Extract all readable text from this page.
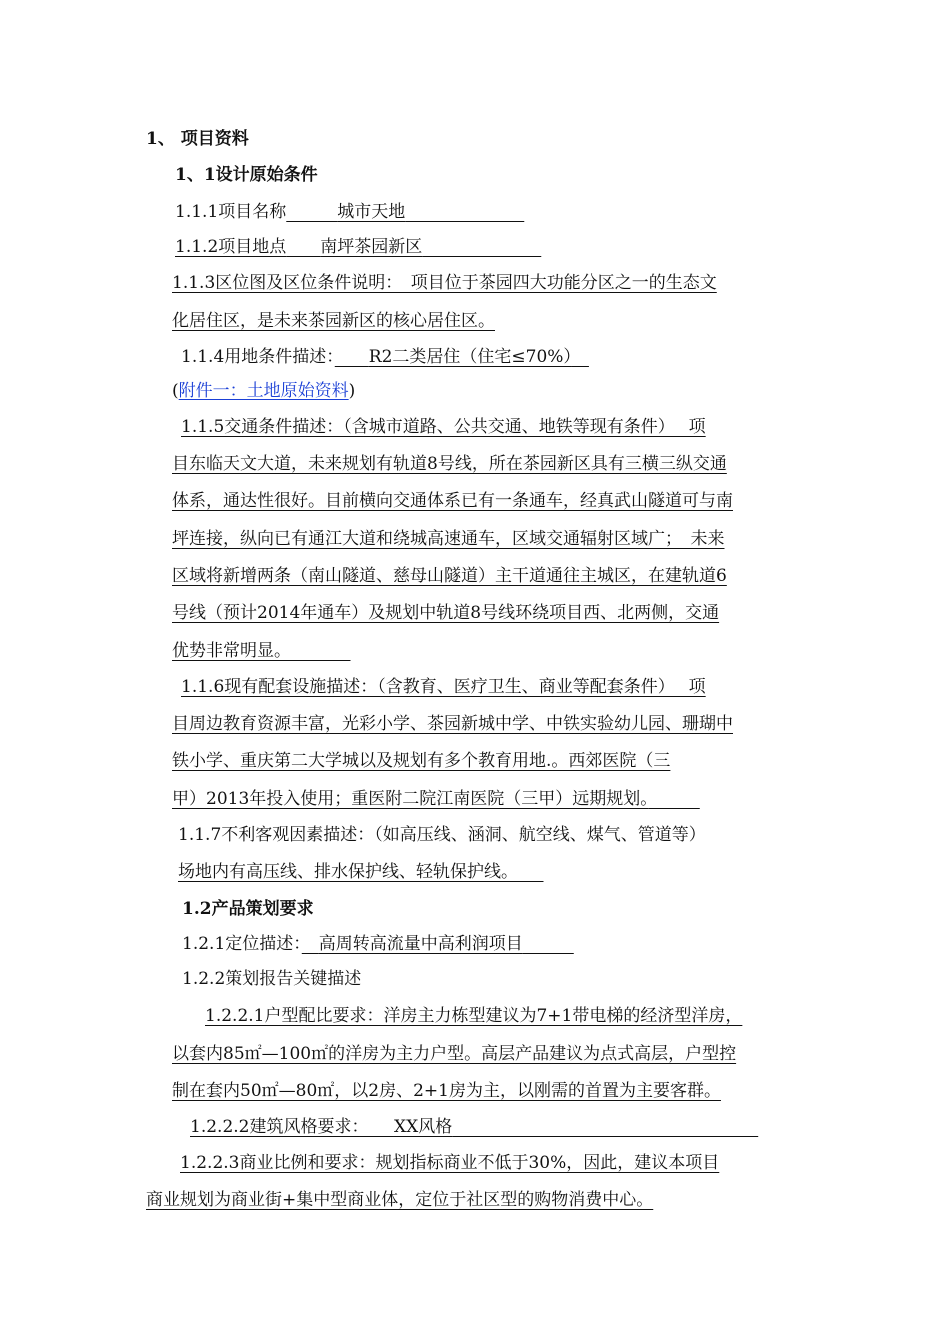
1、 项目资料
1、1设计原始条件
1.1.1项目名称　　　	城市天地　　　　　　　
1.1.2项目地点　　 南坪茶园新区　　　　　　　
1.1.3区位图及区位条件说明：　项目位于茶园四大功能分区之一的生态文
化居住区，是未来茶园新区的核心居住区。
1.1.4用地条件描述：　　 R2二类居住（住宅≤70%）　
(附件一：土地原始资料)
1.1.5交通条件描述：（含城市道路、公共交通、地铁等现有条件）　 项
目东临天文大道，未来规划有轨道8号线，所在茶园新区具有三横三纵交通
体系，通达性很好。目前横向交通体系已有一条通车，经真武山隧道可与南
坪连接，纵向已有通江大道和绕城高速通车，区域交通辐射区域广；　未来
区域将新增两条（南山隧道、慈母山隧道）主干道通往主城区，在建轨道6
号线（预计2014年通车）及规划中轨道8号线环绕项目西、北两侧，交通
优势非常明显。　　　　
1.1.6现有配套设施描述：（含教育、医疗卫生、商业等配套条件）　 项
目周边教育资源丰富，光彩小学、茶园新城中学、中铁实验幼儿园、珊瑚中
铁小学、重庆第二大学城以及规划有多个教育用地.。西郊医院（三
甲）2013年投入使用；重医附二院江南医院（三甲）远期规划。　　　
1.1.7不利客观因素描述：（如高压线、涵洞、航空线、煤气、管道等）
场地内有高压线、排水保护线、轻轨保护线。　　
1.2产品策划要求
1.2.1定位描述：　 高周转高流量中高利润项目　　　
1.2.2策划报告关键描述
1.2.2.1户型配比要求：洋房主力栋型建议为7+1带电梯的经济型洋房，
以套内85㎡—100㎡的洋房为主力户型。高层产品建议为点式高层，户型控
制在套内50㎡—80㎡，以2房、2+1房为主，以刚需的首置为主要客群。
1.2.2.2建筑风格要求：　　 XX风格　　　　　　　　　　　　　　　　　　
1.2.2.3商业比例和要求：规划指标商业不低于30%，因此，建议本项目
商业规划为商业街+集中型商业体，定位于社区型的购物消费中心。
